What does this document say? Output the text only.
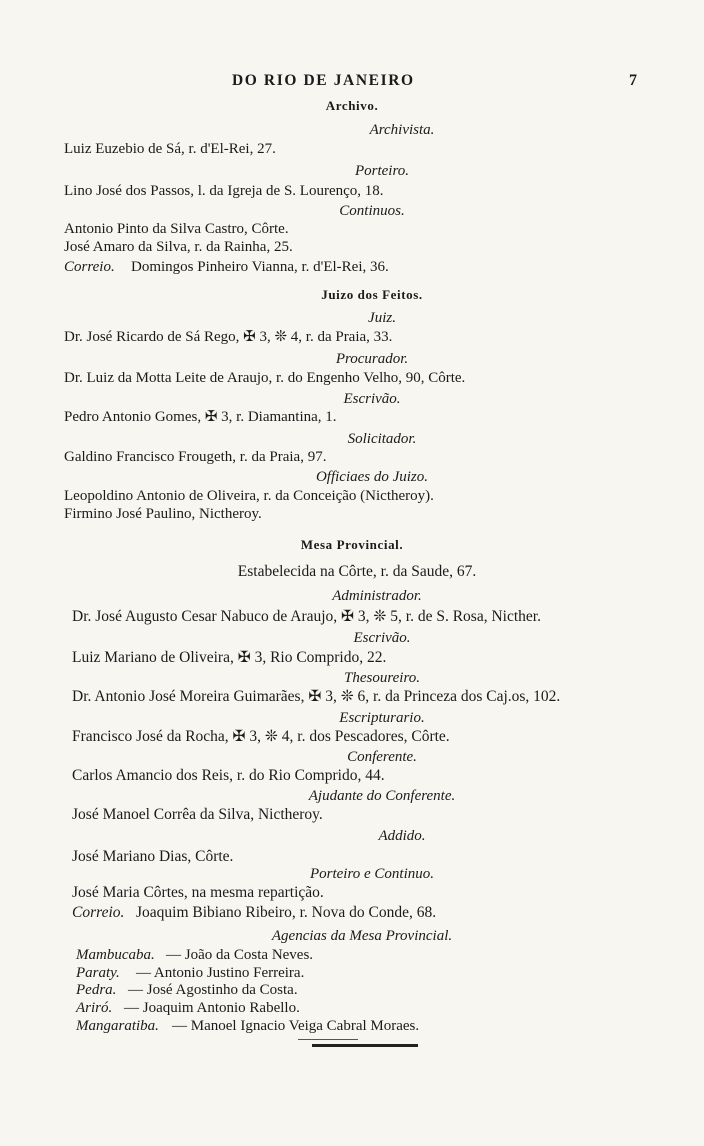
DO RIO DE JANEIRO	7
Archivo.
Archivista.
Luiz Euzebio de Sá, r. d'El-Rei, 27.
Porteiro.
Lino José dos Passos, l. da Igreja de S. Lourenço, 18.
Continuos.
Antonio Pinto da Silva Castro, Côrte.
José Amaro da Silva, r. da Rainha, 25.
Correio. Domingos Pinheiro Vianna, r. d'El-Rei, 36.
Juizo dos Feitos.
Juiz.
Dr. José Ricardo de Sá Rego, ✠ 3, ❊ 4, r. da Praia, 33.
Procurador.
Dr. Luiz da Motta Leite de Araujo, r. do Engenho Velho, 90, Côrte.
Escrivão.
Pedro Antonio Gomes, ✠ 3, r. Diamantina, 1.
Solicitador.
Galdino Francisco Frougeth, r. da Praia, 97.
Officiaes do Juizo.
Leopoldino Antonio de Oliveira, r. da Conceição (Nictheroy).
Firmino José Paulino, Nictheroy.
Mesa Provincial.
Estabelecida na Côrte, r. da Saude, 67.
Administrador.
Dr. José Augusto Cesar Nabuco de Araujo, ✠ 3, ❊ 5, r. de S. Rosa, Nicther.
Escrivão.
Luiz Mariano de Oliveira, ✠ 3, Rio Comprido, 22.
Thesoureiro.
Dr. Antonio José Moreira Guimarães, ✠ 3, ❊ 6, r. da Princeza dos Caj.os, 102.
Escripturario.
Francisco José da Rocha, ✠ 3, ❊ 4, r. dos Pescadores, Côrte.
Conferente.
Carlos Amancio dos Reis, r. do Rio Comprido, 44.
Ajudante do Conferente.
José Manoel Corrêa da Silva, Nictheroy.
Addido.
José Mariano Dias, Côrte.
Porteiro e Continuo.
José Maria Côrtes, na mesma repartição.
Correio. Joaquim Bibiano Ribeiro, r. Nova do Conde, 68.
Agencias da Mesa Provincial.
Mambucaba. — João da Costa Neves.
Paraty. — Antonio Justino Ferreira.
Pedra. — José Agostinho da Costa.
Ariró. — Joaquim Antonio Rabello.
Mangaratiba. — Manoel Ignacio Veiga Cabral Moraes.
